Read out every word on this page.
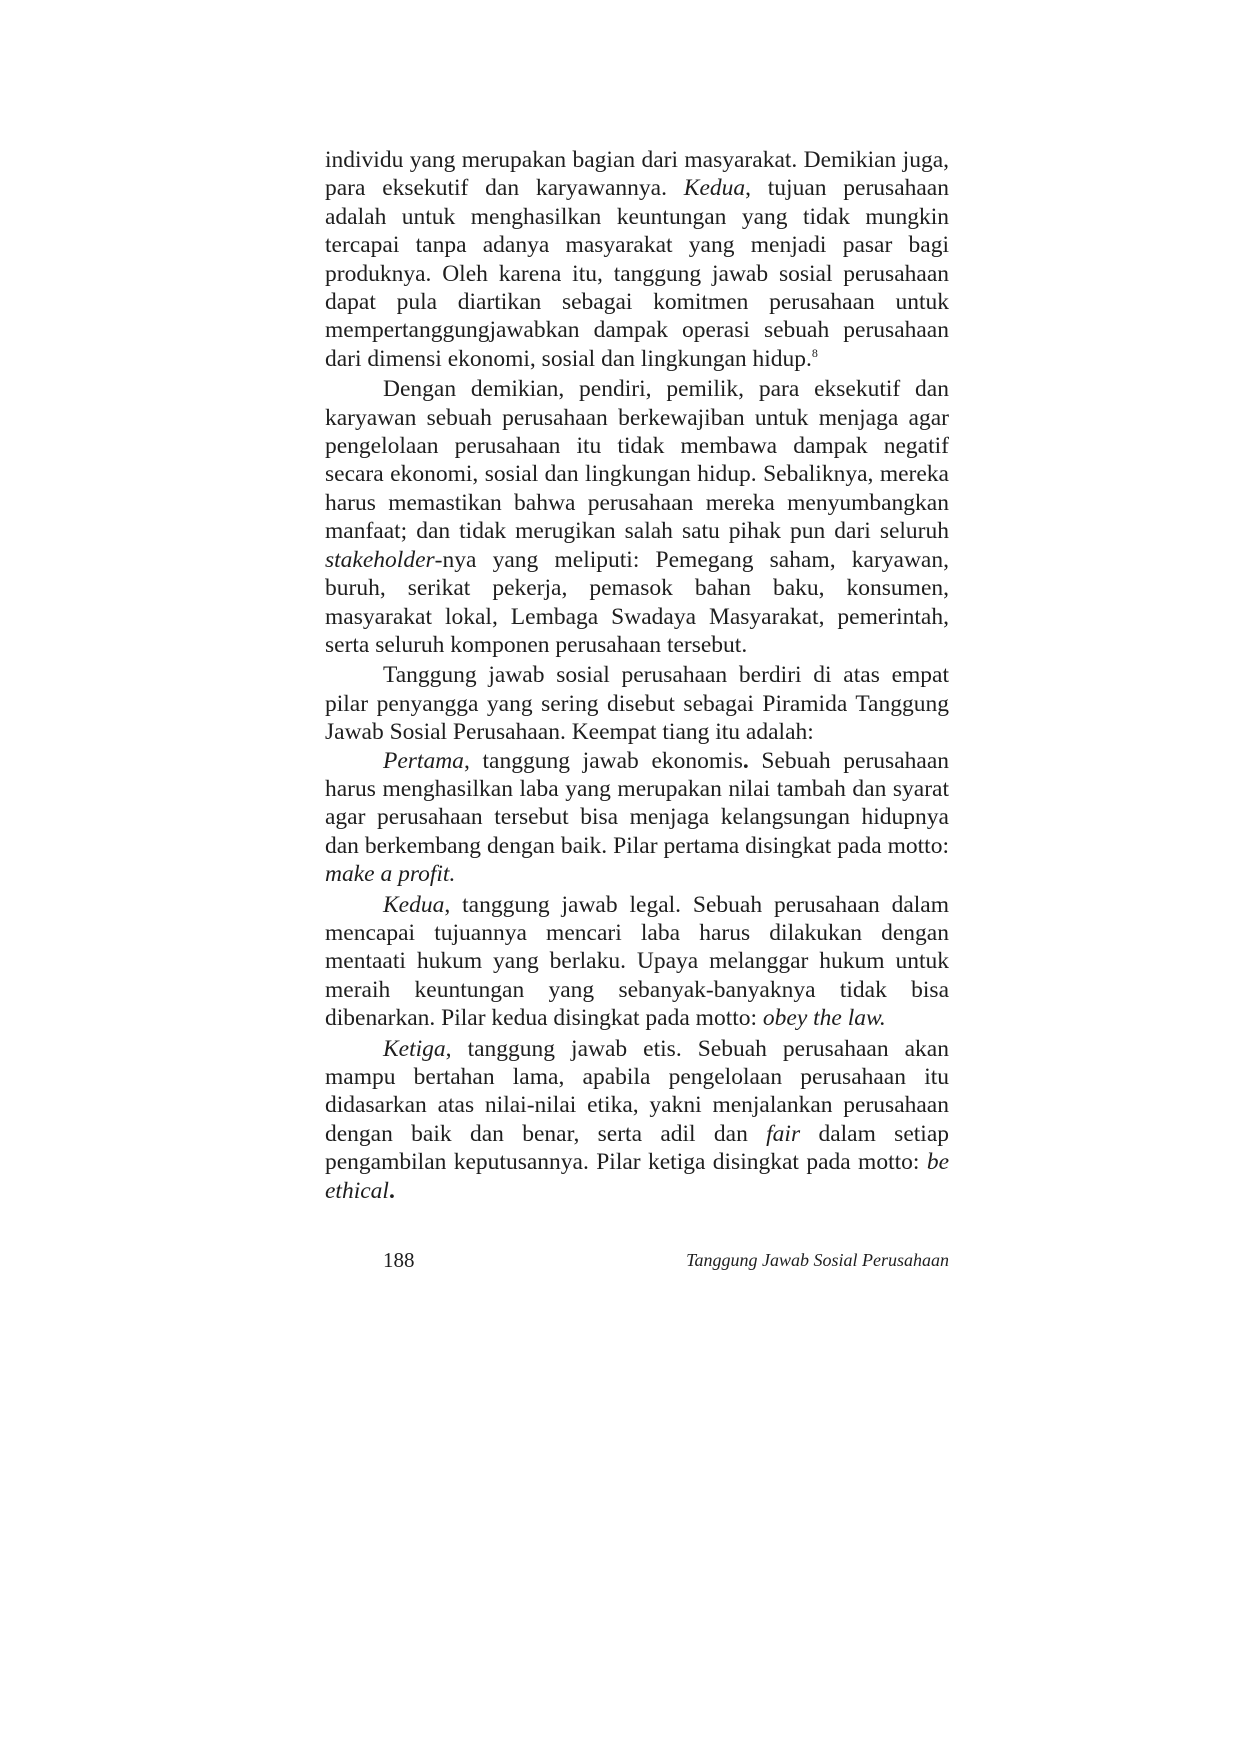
individu yang merupakan bagian dari masyarakat. Demikian juga, para eksekutif dan karyawannya. Kedua, tujuan perusahaan adalah untuk menghasilkan keuntungan yang tidak mungkin tercapai tanpa adanya masyarakat yang menjadi pasar bagi produknya. Oleh karena itu, tanggung jawab sosial perusahaan dapat pula diartikan sebagai komitmen perusahaan untuk mempertanggungjawabkan dampak operasi sebuah perusahaan dari dimensi ekonomi, sosial dan lingkungan hidup.$^8$

Dengan demikian, pendiri, pemilik, para eksekutif dan karyawan sebuah perusahaan berkewajiban untuk menjaga agar pengelolaan perusahaan itu tidak membawa dampak negatif secara ekonomi, sosial dan lingkungan hidup. Sebaliknya, mereka harus memastikan bahwa perusahaan mereka menyumbangkan manfaat; dan tidak merugikan salah satu pihak pun dari seluruh stakeholder-nya yang meliputi: Pemegang saham, karyawan, buruh, serikat pekerja, pemasok bahan baku, konsumen, masyarakat lokal, Lembaga Swadaya Masyarakat, pemerintah, serta seluruh komponen perusahaan tersebut.

Tanggung jawab sosial perusahaan berdiri di atas empat pilar penyangga yang sering disebut sebagai Piramida Tanggung Jawab Sosial Perusahaan. Keempat tiang itu adalah:

Pertama, tanggung jawab ekonomis. Sebuah perusahaan harus menghasilkan laba yang merupakan nilai tambah dan syarat agar perusahaan tersebut bisa menjaga kelangsungan hidupnya dan berkembang dengan baik. Pilar pertama disingkat pada motto: make a profit.

Kedua, tanggung jawab legal. Sebuah perusahaan dalam mencapai tujuannya mencari laba harus dilakukan dengan mentaati hukum yang berlaku. Upaya melanggar hukum untuk meraih keuntungan yang sebanyak-banyaknya tidak bisa dibenarkan. Pilar kedua disingkat pada motto: obey the law.

Ketiga, tanggung jawab etis. Sebuah perusahaan akan mampu bertahan lama, apabila pengelolaan perusahaan itu didasarkan atas nilai-nilai etika, yakni menjalankan perusahaan dengan baik dan benar, serta adil dan fair dalam setiap pengambilan keputusannya. Pilar ketiga disingkat pada motto: be ethical.

188	Tanggung Jawab Sosial Perusahaan
